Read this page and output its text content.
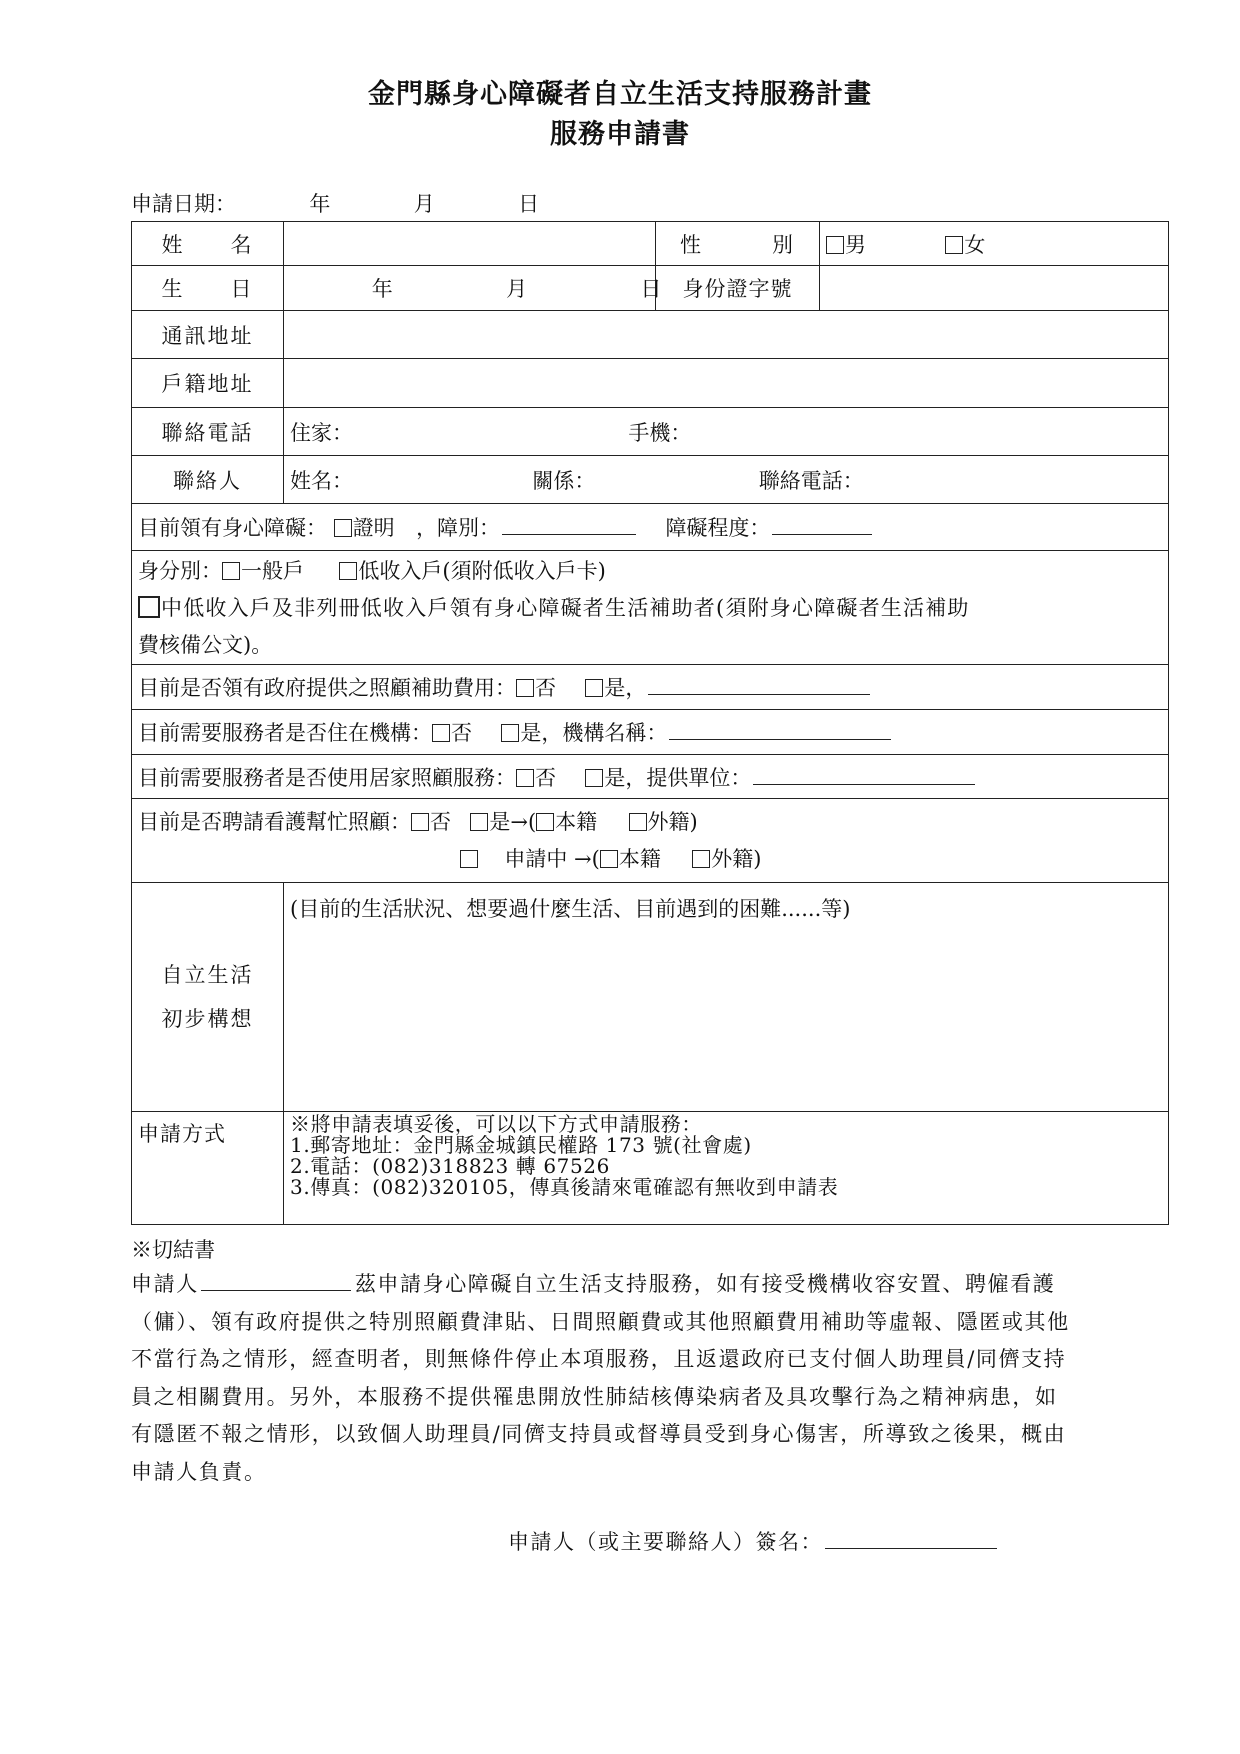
金門縣身心障礙者自立生活支持服務計畫
服務申請書
申請日期：	年	月	日
姓　　名		性　　　別	男 女
生　　日	年 月 日	身份證字號	
通訊地址			
戶籍地址			
聯絡電話	住家： 手機：		
聯絡人	姓名： 關係： 聯絡電話：		
目前領有身心障礙： 證明 ，障別： 障礙程度：			

身分別： 一般戶 低收入戶(須附低收入戶卡)
中低收入戶及非列冊低收入戶領有身心障礙者生活補助者(須附身心障礙者生活補助
費核備公文)。			

目前是否領有政府提供之照顧補助費用： 否 是，			
目前需要服務者是否住在機構： 否 是，機構名稱：			
目前需要服務者是否使用居家照顧服務： 否 是，提供單位：			

目前是否聘請看護幫忙照顧： 否 是→( 本籍 外籍)
申請中 →( 本籍 外籍)			

自立生活
初步構想	(目前的生活狀況、想要過什麼生活、目前遇到的困難......等)		
申請方式	※將申請表填妥後，可以以下方式申請服務：
1.郵寄地址：金門縣金城鎮民權路 173 號(社會處)
2.電話：(082)318823 轉 67526
3.傳真：(082)320105，傳真後請來電確認有無收到申請表		
※切結書

申請人	茲申請身心障礙自立生活支持服務，如有接受機構收容安置、聘僱看護（傭）、領有政府提供之特別照顧費津貼、日間照顧費或其他照顧費用補助等虛報、隱匿或其他不當行為之情形，經查明者，則無條件停止本項服務，且返還政府已支付個人助理員/同儕支持員之相關費用。另外，本服務不提供罹患開放性肺結核傳染病者及具攻擊行為之精神病患，如有隱匿不報之情形，以致個人助理員/同儕支持員或督導員受到身心傷害，所導致之後果，概由申請人負責。

申請人（或主要聯絡人）簽名：
